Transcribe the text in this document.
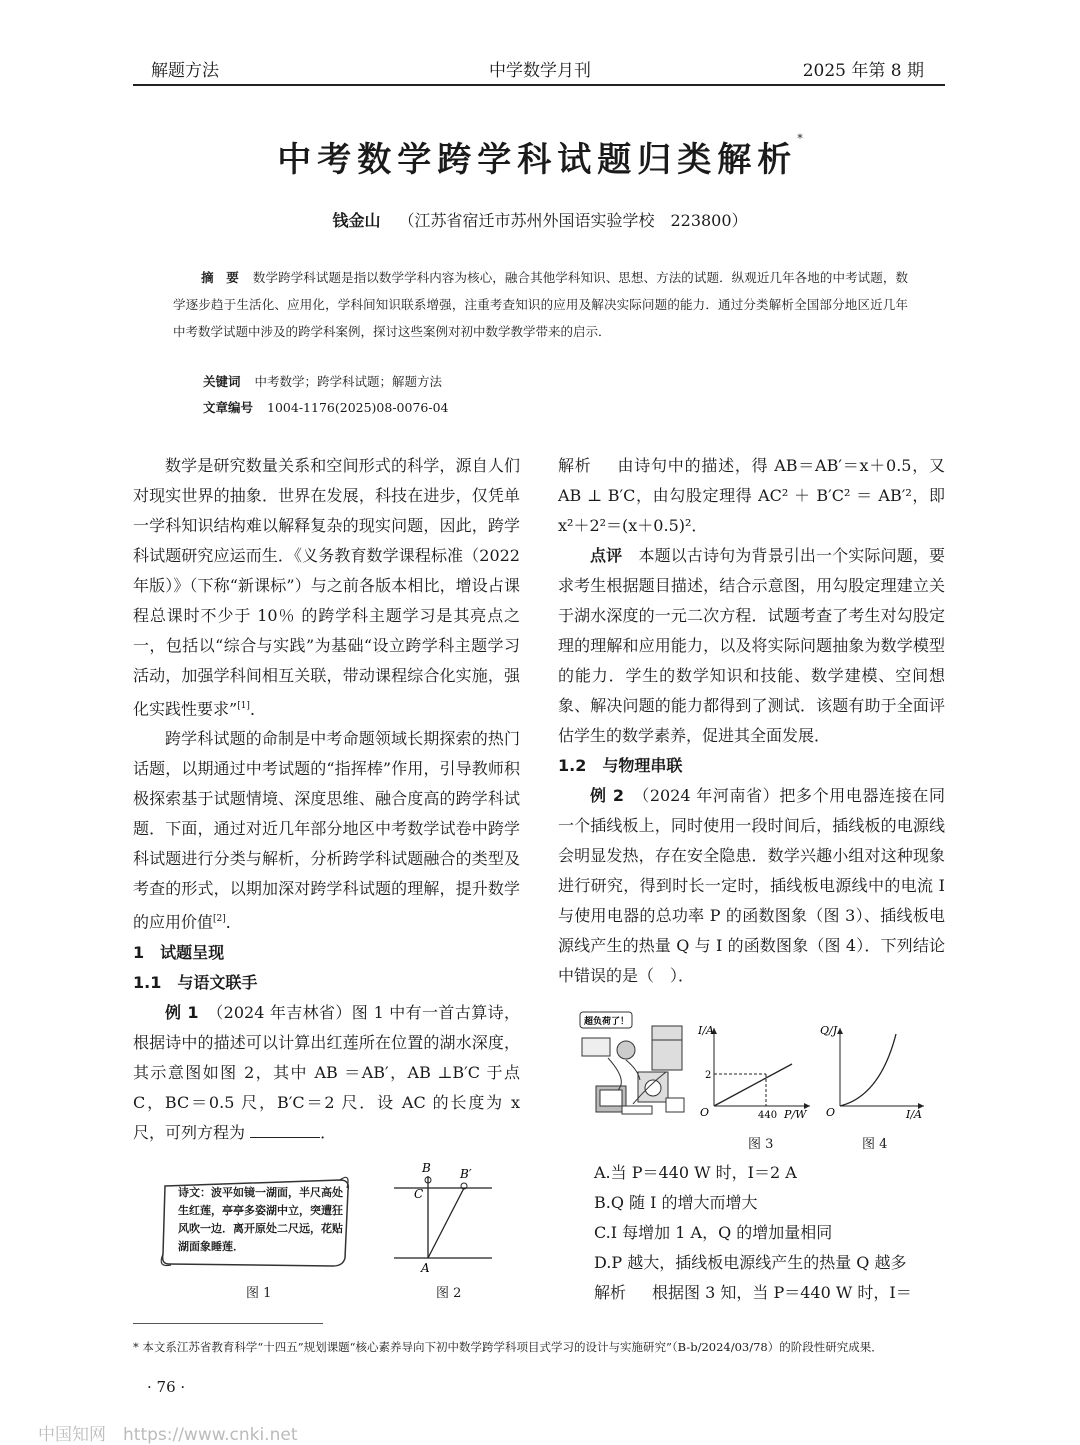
解题方法	中学数学月刊	2025 年第 8 期
中考数学跨学科试题归类解析*
钱金山 （江苏省宿迁市苏州外国语实验学校　223800）
摘　要 数学跨学科试题是指以数学学科内容为核心，融合其他学科知识、思想、方法的试题．纵观近几年各地的中考试题，数学逐步趋于生活化、应用化，学科间知识联系增强，注重考查知识的应用及解决实际问题的能力．通过分类解析全国部分地区近几年中考数学试题中涉及的跨学科案例，探讨这些案例对初中数学教学带来的启示．
关键词 中考数学；跨学科试题；解题方法
文章编号 1004-1176(2025)08-0076-04

数学是研究数量关系和空间形式的科学，源自人们对现实世界的抽象．世界在发展，科技在进步，仅凭单一学科知识结构难以解释复杂的现实问题，因此，跨学科试题研究应运而生．《义务教育数学课程标准（2022 年版）》（下称“新课标”）与之前各版本相比，增设占课程总课时不少于 10％ 的跨学科主题学习是其亮点之一，包括以“综合与实践”为基础“设立跨学科主题学习活动，加强学科间相互关联，带动课程综合化实施，强化实践性要求”[1]．

跨学科试题的命制是中考命题领域长期探索的热门话题，以期通过中考试题的“指挥棒”作用，引导教师积极探索基于试题情境、深度思维、融合度高的跨学科试题．下面，通过对近几年部分地区中考数学试卷中跨学科试题进行分类与解析，分析跨学科试题融合的类型及考查的形式，以期加深对跨学科试题的理解，提升数学的应用价值[2]．

1　试题呈现

1.1　与语文联手

例 1　 （2024 年吉林省）图 1 中有一首古算诗，根据诗中的描述可以计算出红莲所在位置的湖水深度，其示意图如图 2，其中 AB ＝AB′，AB ⊥B′C 于点 C，BC＝0.5 尺，B′C＝2 尺．设 AC 的长度为 x 尺，可列方程为	．

诗文：波平如镜一湖面，半尺高处生红莲，亭亭多姿湖中立，突遭狂风吹一边．离开原处二尺远，花贴湖面象睡莲．
图 1
B B′
C
A
图 2

解析 由诗句中的描述，得 AB＝AB′＝x＋0.5，又 AB ⊥ B′C，由勾股定理得 AC² ＋ B′C² ＝ AB′²，即 x²＋2²＝(x＋0.5)²．

点评　 本题以古诗句为背景引出一个实际问题，要求考生根据题目描述，结合示意图，用勾股定理建立关于湖水深度的一元二次方程．试题考查了考生对勾股定理的理解和应用能力，以及将实际问题抽象为数学模型的能力．学生的数学知识和技能、数学建模、空间想象、解决问题的能力都得到了测试．该题有助于全面评估学生的数学素养，促进其全面发展．

1.2　与物理串联

例 2　 （2024 年河南省）把多个用电器连接在同一个插线板上，同时使用一段时间后，插线板的电源线会明显发热，存在安全隐患．数学兴趣小组对这种现象进行研究，得到时长一定时，插线板电源线中的电流 I 与使用电器的总功率 P 的函数图象（图 3）、插线板电源线产生的热量 Q 与 I 的函数图象（图 4）．下列结论中错误的是（　）．

超负荷了！
I/A
2
O	440 P/W
Q/J
O	I/A
图 3	图 4

A.当 P＝440 W 时，I＝2 A

B.Q 随 I 的增大而增大

C.I 每增加 1 A，Q 的增加量相同

D.P 越大，插线板电源线产生的热量 Q 越多

解析 根据图 3 知，当 P＝440 W 时，I＝

* 本文系江苏省教育科学“十四五”规划课题“核心素养导向下初中数学跨学科项目式学习的设计与实施研究”（B-b/2024/03/78）的阶段性研究成果．
· 76 ·
中国知网　https://www.cnki.net
